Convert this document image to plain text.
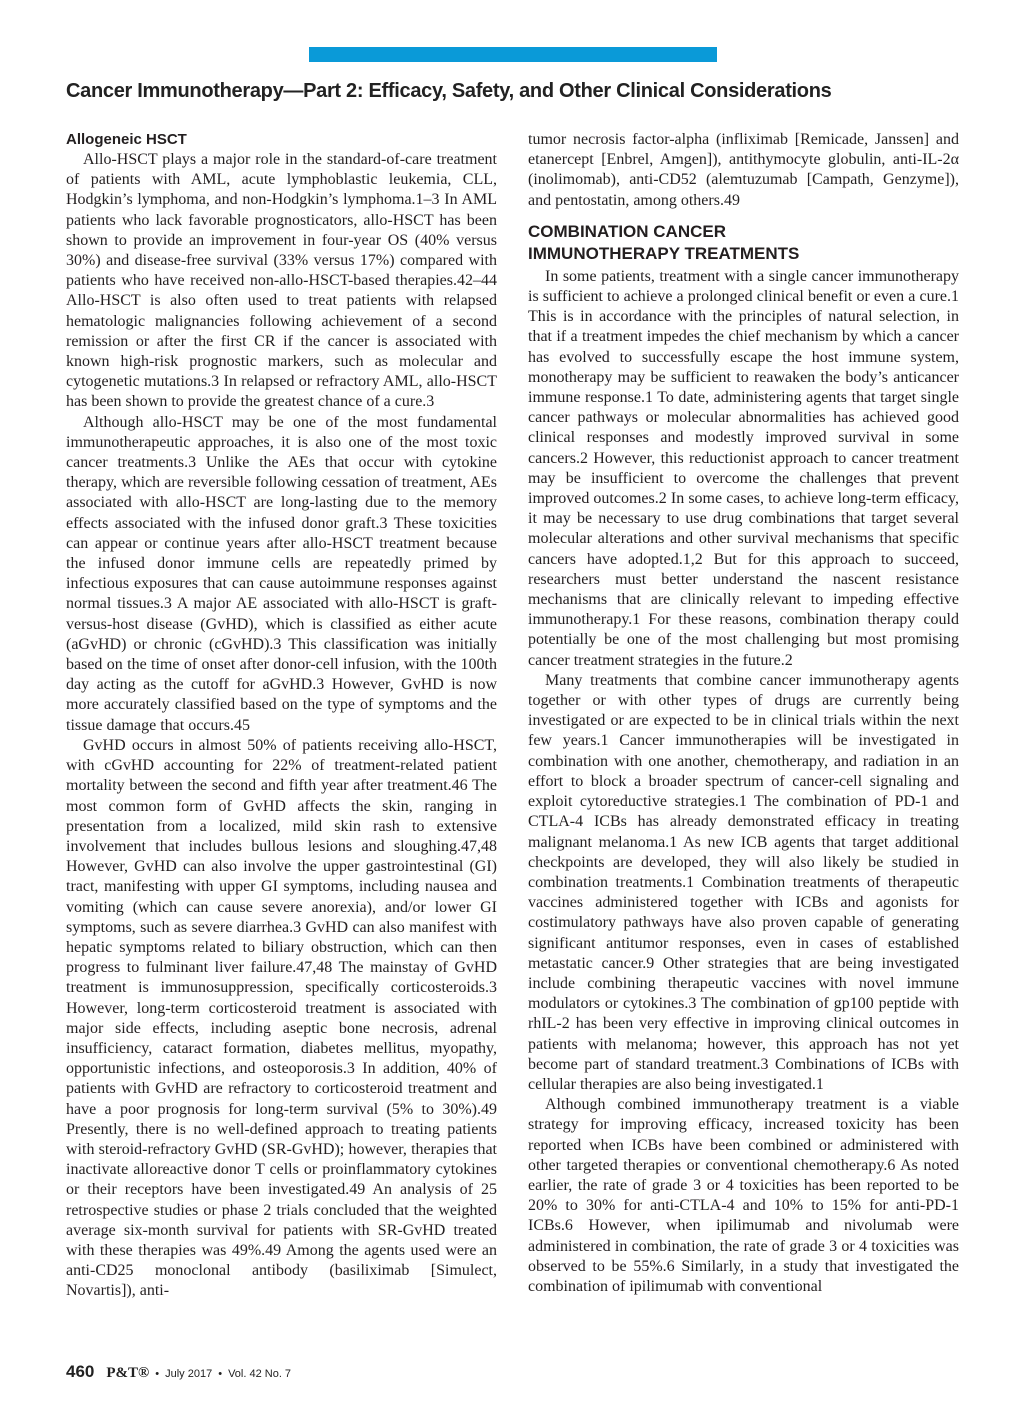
Cancer Immunotherapy—Part 2: Efficacy, Safety, and Other Clinical Considerations
Allogeneic HSCT

Allo-HSCT plays a major role in the standard-of-care treatment of patients with AML, acute lymphoblastic leukemia, CLL, Hodgkin’s lymphoma, and non-Hodgkin’s lymphoma.1–3 In AML patients who lack favorable prognosticators, allo-HSCT has been shown to provide an improvement in four-year OS (40% versus 30%) and disease-free survival (33% versus 17%) compared with patients who have received non-allo-HSCT-based therapies.42–44 Allo-HSCT is also often used to treat patients with relapsed hematologic malignancies following achievement of a second remission or after the first CR if the cancer is associated with known high-risk prognostic markers, such as molecular and cytogenetic mutations.3 In relapsed or refractory AML, allo-HSCT has been shown to provide the greatest chance of a cure.3

Although allo-HSCT may be one of the most fundamental immunotherapeutic approaches, it is also one of the most toxic cancer treatments.3 Unlike the AEs that occur with cytokine therapy, which are reversible following cessation of treatment, AEs associated with allo-HSCT are long-lasting due to the memory effects associated with the infused donor graft.3 These toxicities can appear or continue years after allo-HSCT treatment because the infused donor immune cells are repeatedly primed by infectious exposures that can cause autoimmune responses against normal tissues.3 A major AE associated with allo-HSCT is graft-versus-host disease (GvHD), which is classified as either acute (aGvHD) or chronic (cGvHD).3 This classification was initially based on the time of onset after donor-cell infusion, with the 100th day acting as the cutoff for aGvHD.3 However, GvHD is now more accurately classified based on the type of symptoms and the tissue damage that occurs.45

GvHD occurs in almost 50% of patients receiving allo-HSCT, with cGvHD accounting for 22% of treatment-related patient mortality between the second and fifth year after treatment.46 The most common form of GvHD affects the skin, ranging in presentation from a localized, mild skin rash to extensive involvement that includes bullous lesions and sloughing.47,48 However, GvHD can also involve the upper gastrointestinal (GI) tract, manifesting with upper GI symptoms, including nausea and vomiting (which can cause severe anorexia), and/or lower GI symptoms, such as severe diarrhea.3 GvHD can also manifest with hepatic symptoms related to biliary obstruction, which can then progress to fulminant liver failure.47,48 The mainstay of GvHD treatment is immunosuppression, specifically corticosteroids.3 However, long-term corticosteroid treatment is associated with major side effects, including aseptic bone necrosis, adrenal insufficiency, cataract formation, diabetes mellitus, myopathy, opportunistic infections, and osteoporosis.3 In addition, 40% of patients with GvHD are refractory to corticosteroid treatment and have a poor prognosis for long-term survival (5% to 30%).49 Presently, there is no well-defined approach to treating patients with steroid-refractory GvHD (SR-GvHD); however, therapies that inactivate alloreactive donor T cells or proinflammatory cytokines or their receptors have been investigated.49 An analysis of 25 retrospective studies or phase 2 trials concluded that the weighted average six-month survival for patients with SR-GvHD treated with these therapies was 49%.49 Among the agents used were an anti-CD25 monoclonal antibody (basiliximab [Simulect, Novartis]), anti-

tumor necrosis factor-alpha (infliximab [Remicade, Janssen] and etanercept [Enbrel, Amgen]), antithymocyte globulin, anti-IL-2α (inolimomab), anti-CD52 (alemtuzumab [Campath, Genzyme]), and pentostatin, among others.49

COMBINATION CANCER
IMMUNOTHERAPY TREATMENTS

In some patients, treatment with a single cancer immunotherapy is sufficient to achieve a prolonged clinical benefit or even a cure.1 This is in accordance with the principles of natural selection, in that if a treatment impedes the chief mechanism by which a cancer has evolved to successfully escape the host immune system, monotherapy may be sufficient to reawaken the body’s anticancer immune response.1 To date, administering agents that target single cancer pathways or molecular abnormalities has achieved good clinical responses and modestly improved survival in some cancers.2 However, this reductionist approach to cancer treatment may be insufficient to overcome the challenges that prevent improved outcomes.2 In some cases, to achieve long-term efficacy, it may be necessary to use drug combinations that target several molecular alterations and other survival mechanisms that specific cancers have adopted.1,2 But for this approach to succeed, researchers must better understand the nascent resistance mechanisms that are clinically relevant to impeding effective immunotherapy.1 For these reasons, combination therapy could potentially be one of the most challenging but most promising cancer treatment strategies in the future.2

Many treatments that combine cancer immunotherapy agents together or with other types of drugs are currently being investigated or are expected to be in clinical trials within the next few years.1 Cancer immunotherapies will be investigated in combination with one another, chemotherapy, and radiation in an effort to block a broader spectrum of cancer-cell signaling and exploit cytoreductive strategies.1 The combination of PD-1 and CTLA-4 ICBs has already demonstrated efficacy in treating malignant melanoma.1 As new ICB agents that target additional checkpoints are developed, they will also likely be studied in combination treatments.1 Combination treatments of therapeutic vaccines administered together with ICBs and agonists for costimulatory pathways have also proven capable of generating significant antitumor responses, even in cases of established metastatic cancer.9 Other strategies that are being investigated include combining therapeutic vaccines with novel immune modulators or cytokines.3 The combination of gp100 peptide with rhIL-2 has been very effective in improving clinical outcomes in patients with melanoma; however, this approach has not yet become part of standard treatment.3 Combinations of ICBs with cellular therapies are also being investigated.1

Although combined immunotherapy treatment is a viable strategy for improving efficacy, increased toxicity has been reported when ICBs have been combined or administered with other targeted therapies or conventional chemotherapy.6 As noted earlier, the rate of grade 3 or 4 toxicities has been reported to be 20% to 30% for anti-CTLA-4 and 10% to 15% for anti-PD-1 ICBs.6 However, when ipilimumab and nivolumab were administered in combination, the rate of grade 3 or 4 toxicities was observed to be 55%.6 Similarly, in a study that investigated the combination of ipilimumab with conventional

460 P&T® • July 2017 • Vol. 42 No. 7
